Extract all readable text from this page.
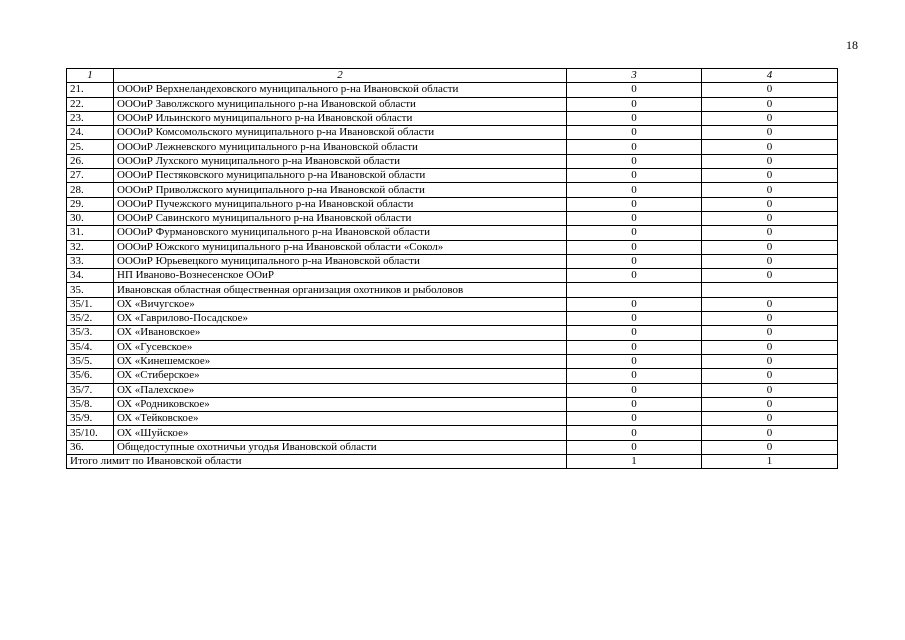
18
1	2	3	4
21.	ОООиР Верхнеландеховского муниципального р-на Ивановской области	0	0
22.	ОООиР Заволжского муниципального р-на Ивановской области	0	0
23.	ОООиР Ильинского муниципального р-на Ивановской области	0	0
24.	ОООиР Комсомольского муниципального р-на Ивановской области	0	0
25.	ОООиР Лежневского муниципального р-на Ивановской области	0	0
26.	ОООиР Лухского муниципального р-на Ивановской области	0	0
27.	ОООиР Пестяковского муниципального р-на Ивановской области	0	0
28.	ОООиР Приволжского муниципального р-на Ивановской области	0	0
29.	ОООиР Пучежского муниципального р-на Ивановской области	0	0
30.	ОООиР Савинского муниципального р-на Ивановской области	0	0
31.	ОООиР Фурмановского муниципального р-на Ивановской области	0	0
32.	ОООиР Южского муниципального р-на Ивановской области «Сокол»	0	0
33.	ОООиР Юрьевецкого муниципального р-на Ивановской области	0	0
34.	НП Иваново-Вознесенское ООиР	0	0
35.	Ивановская областная общественная организация охотников и рыболовов		
35/1.	ОХ «Вичугское»	0	0
35/2.	ОХ «Гаврилово-Посадское»	0	0
35/3.	ОХ «Ивановское»	0	0
35/4.	ОХ «Гусевское»	0	0
35/5.	ОХ «Кинешемское»	0	0
35/6.	ОХ «Стиберское»	0	0
35/7.	ОХ «Палехское»	0	0
35/8.	ОХ «Родниковское»	0	0
35/9.	ОХ «Тейковское»	0	0
35/10.	ОХ «Шуйское»	0	0
36.	Общедоступные охотничьи угодья Ивановской области	0	0
Итого лимит по Ивановской области		1	1
